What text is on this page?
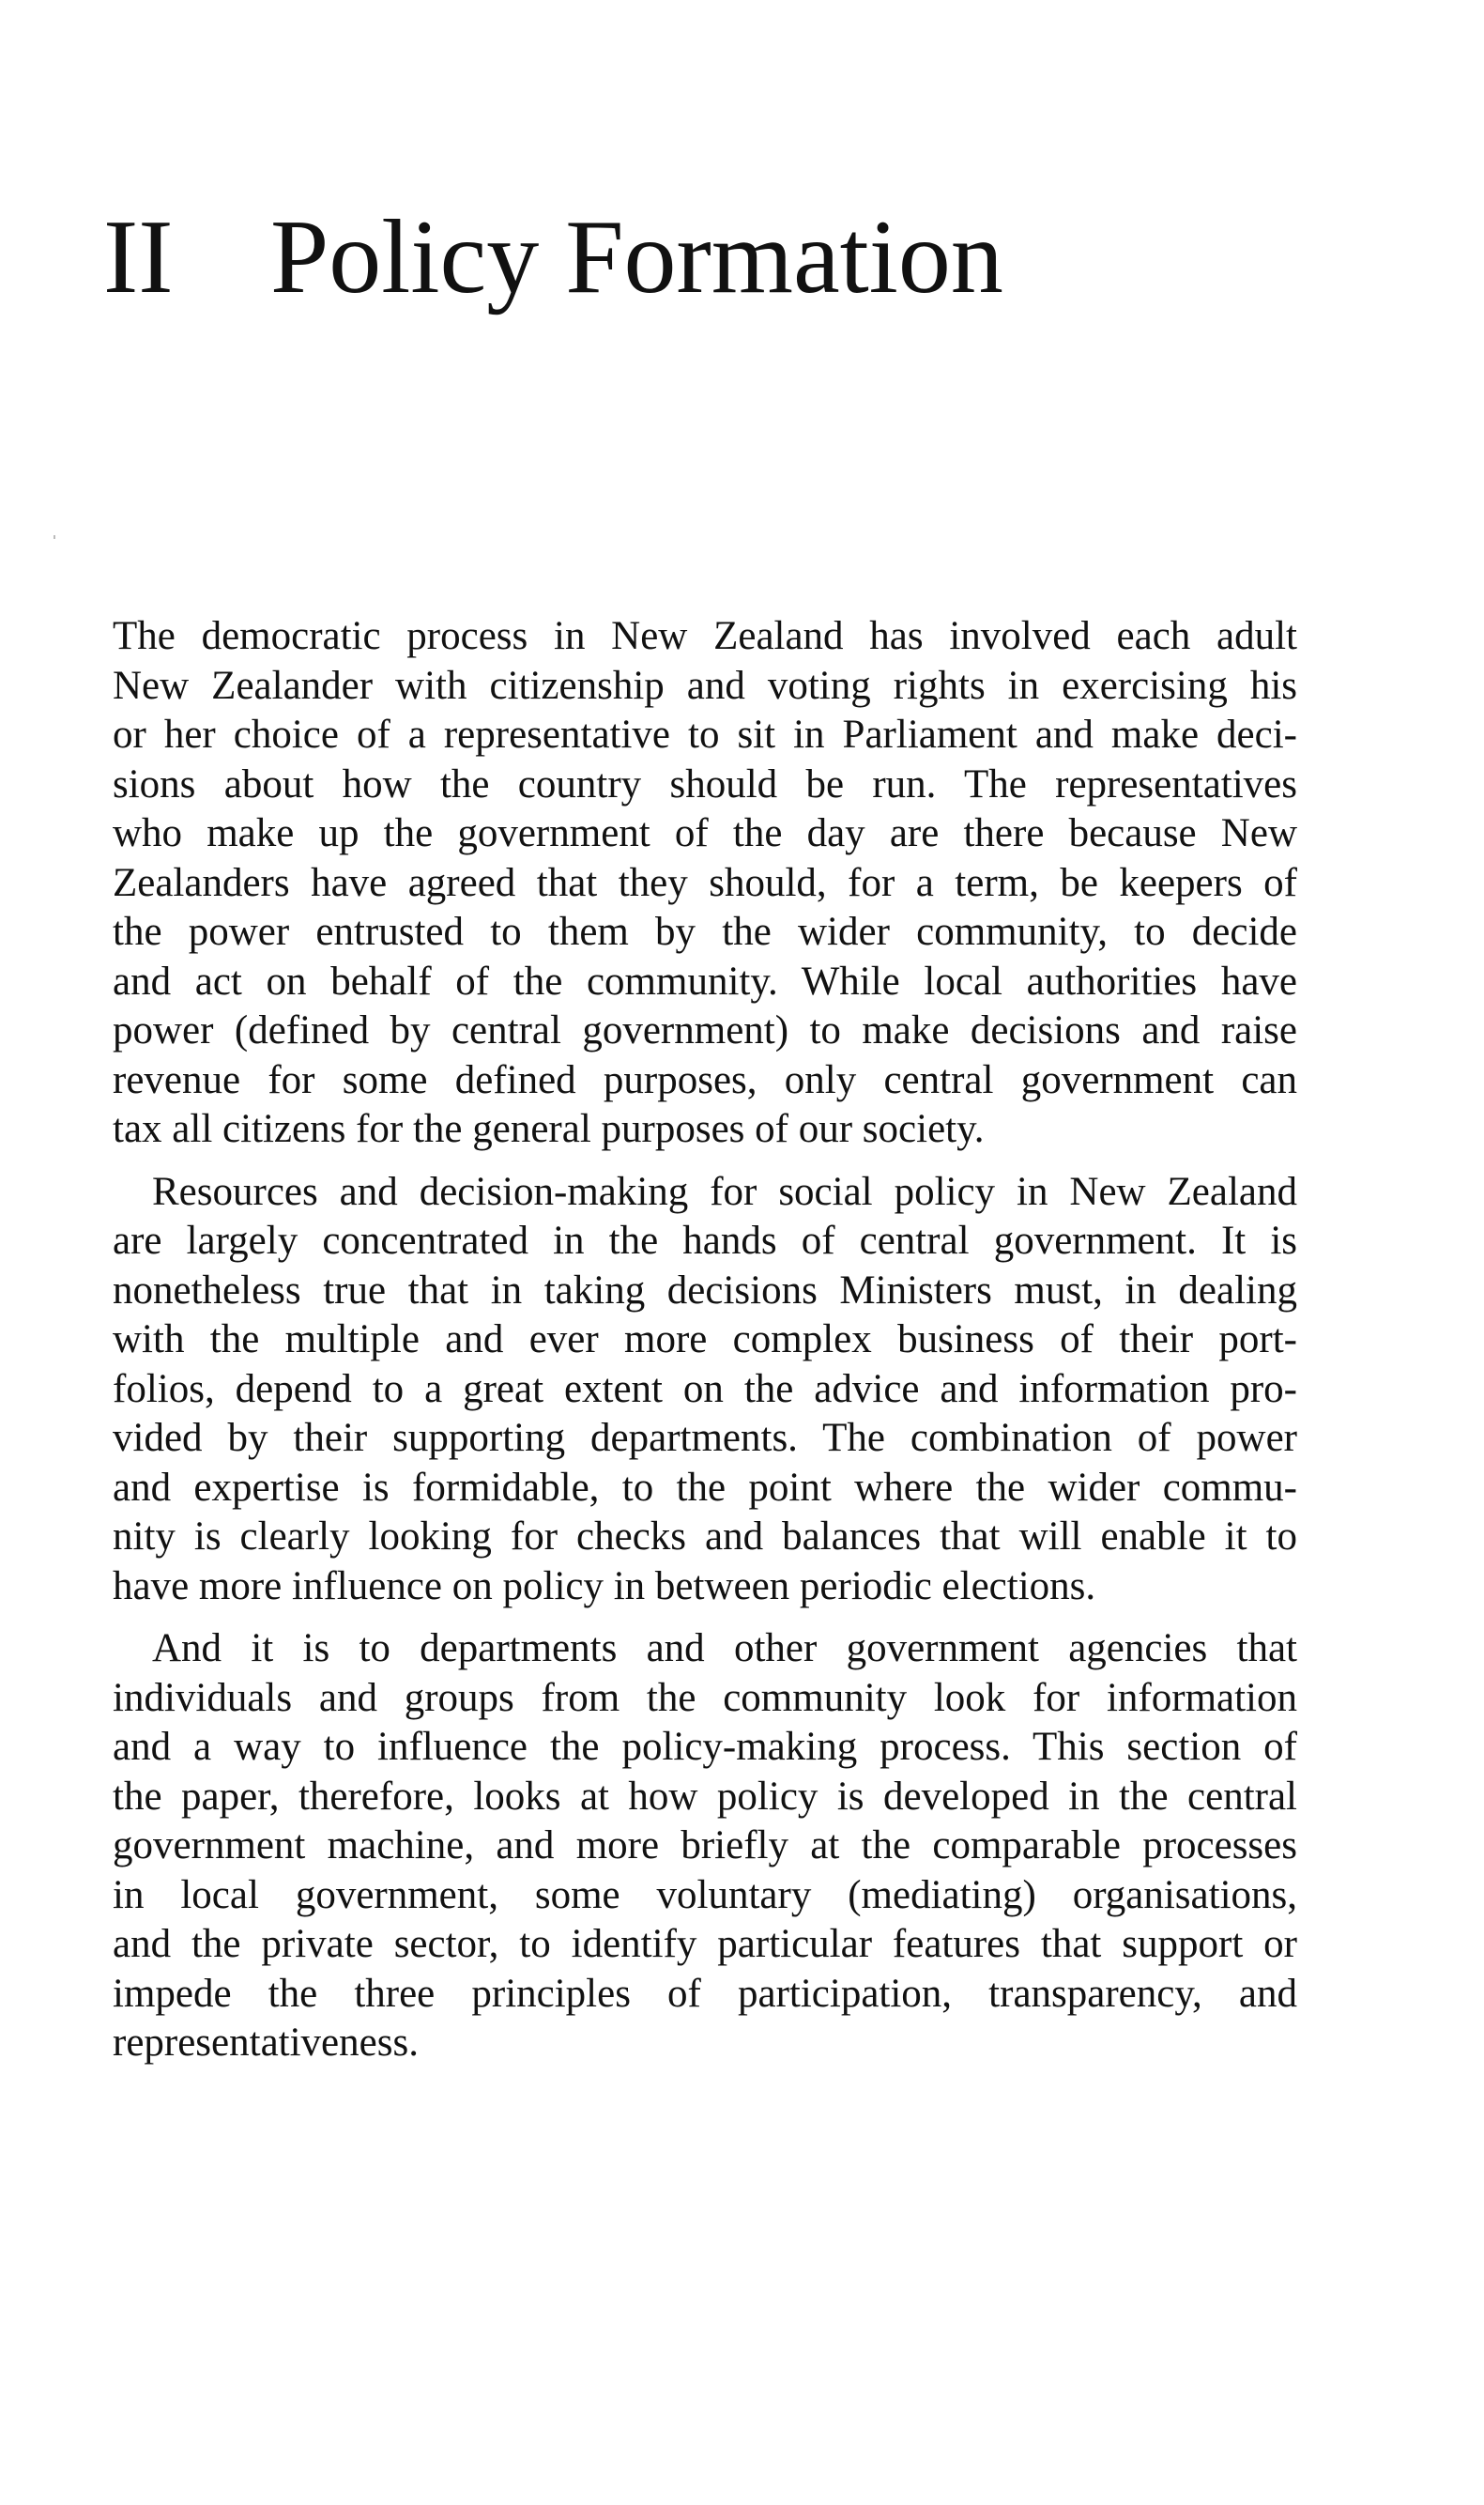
II Policy Formation
The democratic process in New Zealand has involved each adult
New Zealander with citizenship and voting rights in exercising his
or her choice of a representative to sit in Parliament and make deci-
sions about how the country should be run. The representatives
who make up the government of the day are there because New
Zealanders have agreed that they should, for a term, be keepers of
the power entrusted to them by the wider community, to decide
and act on behalf of the community. While local authorities have
power (defined by central government) to make decisions and raise
revenue for some defined purposes, only central government can
tax all citizens for the general purposes of our society.
Resources and decision-making for social policy in New Zealand
are largely concentrated in the hands of central government. It is
nonetheless true that in taking decisions Ministers must, in dealing
with the multiple and ever more complex business of their port-
folios, depend to a great extent on the advice and information pro-
vided by their supporting departments. The combination of power
and expertise is formidable, to the point where the wider commu-
nity is clearly looking for checks and balances that will enable it to
have more influence on policy in between periodic elections.
And it is to departments and other government agencies that
individuals and groups from the community look for information
and a way to influence the policy-making process. This section of
the paper, therefore, looks at how policy is developed in the central
government machine, and more briefly at the comparable processes
in local government, some voluntary (mediating) organisations,
and the private sector, to identify particular features that support or
impede the three principles of participation, transparency, and
representativeness.
